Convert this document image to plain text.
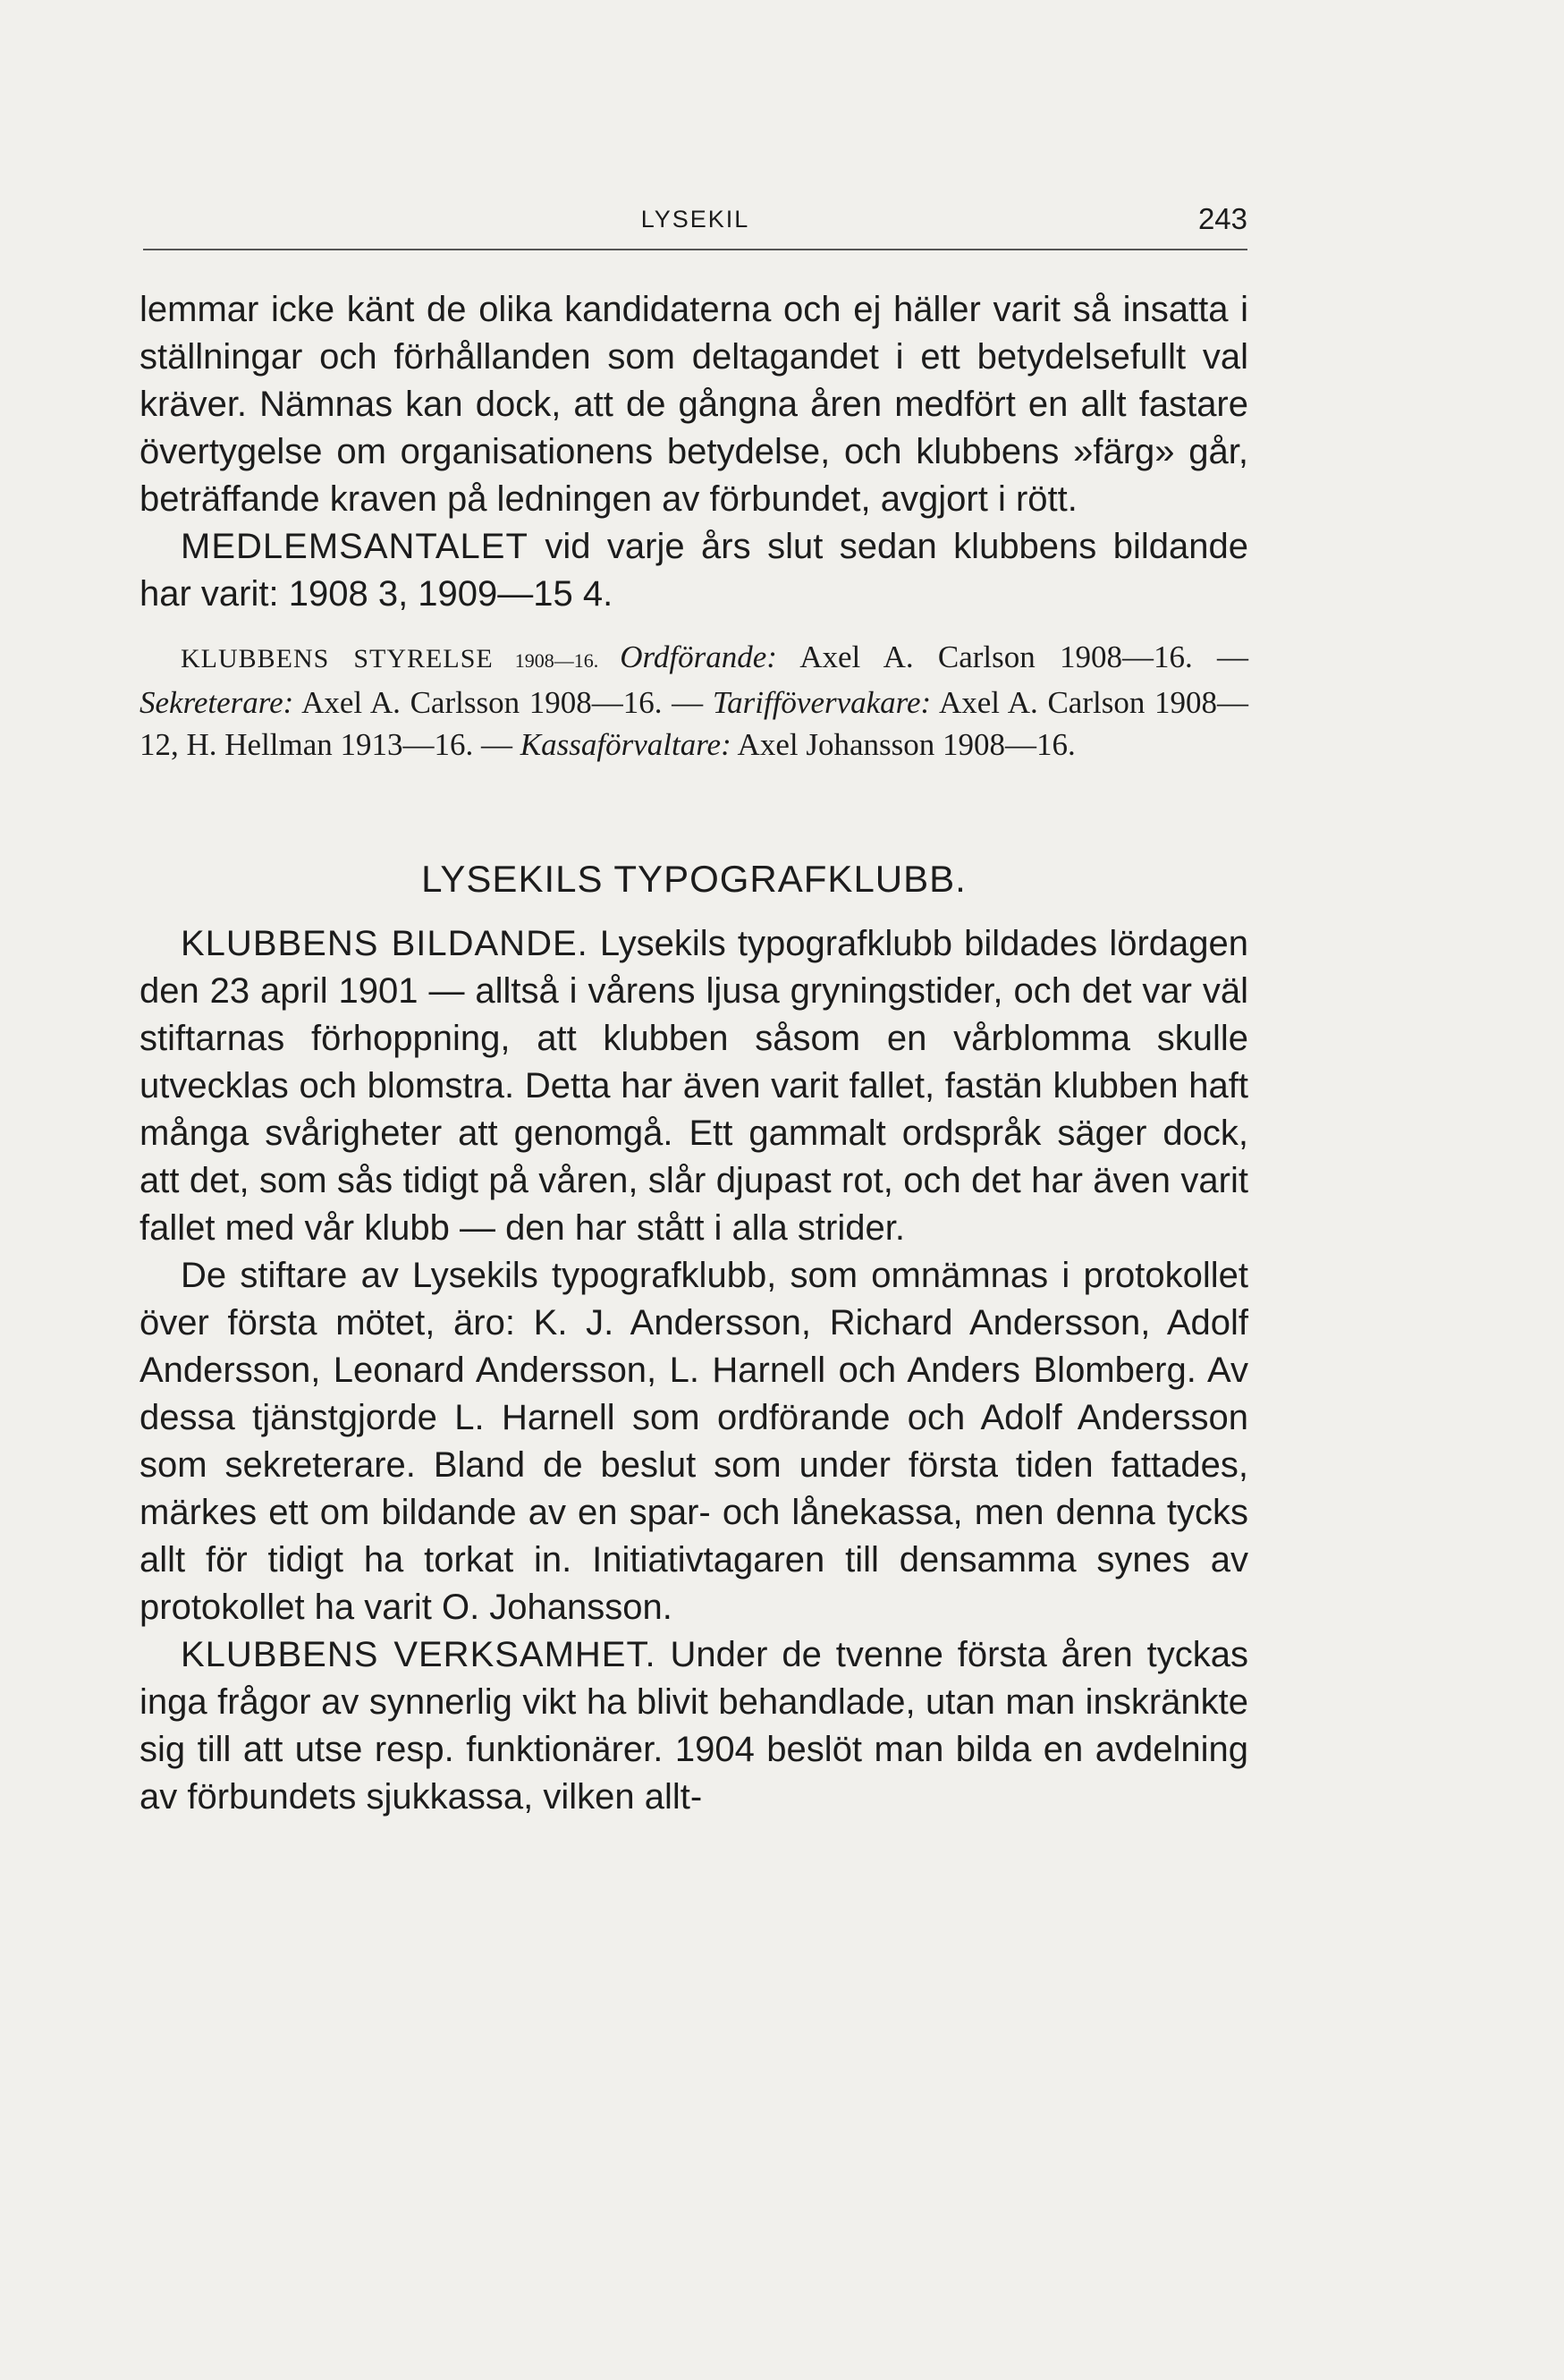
LYSEKIL	243

lemmar icke känt de olika kandidaterna och ej häller varit så insatta i ställningar och förhållanden som deltagandet i ett betydelsefullt val kräver. Nämnas kan dock, att de gångna åren medfört en allt fastare övertygelse om organisationens betydelse, och klubbens »färg» går, beträffande kraven på ledningen av förbundet, avgjort i rött.

MEDLEMSANTALET vid varje års slut sedan klubbens bildande har varit: 1908 3, 1909—15 4.

KLUBBENS STYRELSE 1908—16. Ordförande: Axel A. Carlson 1908—16. — Sekreterare: Axel A. Carlsson 1908—16. — Tariffövervakare: Axel A. Carlson 1908—12, H. Hellman 1913—16. — Kassaförvaltare: Axel Johansson 1908—16.

LYSEKILS TYPOGRAFKLUBB.

KLUBBENS BILDANDE. Lysekils typografklubb bildades lördagen den 23 april 1901 — alltså i vårens ljusa gryningstider, och det var väl stiftarnas förhoppning, att klubben såsom en vårblomma skulle utvecklas och blomstra. Detta har även varit fallet, fastän klubben haft många svårigheter att genomgå. Ett gammalt ordspråk säger dock, att det, som sås tidigt på våren, slår djupast rot, och det har även varit fallet med vår klubb — den har stått i alla strider.

De stiftare av Lysekils typografklubb, som omnämnas i protokollet över första mötet, äro: K. J. Andersson, Richard Andersson, Adolf Andersson, Leonard Andersson, L. Harnell och Anders Blomberg. Av dessa tjänstgjorde L. Harnell som ordförande och Adolf Andersson som sekreterare. Bland de beslut som under första tiden fattades, märkes ett om bildande av en spar- och lånekassa, men denna tycks allt för tidigt ha torkat in. Initiativtagaren till densamma synes av protokollet ha varit O. Johansson.

KLUBBENS VERKSAMHET. Under de tvenne första åren tyckas inga frågor av synnerlig vikt ha blivit behandlade, utan man inskränkte sig till att utse resp. funktionärer. 1904 beslöt man bilda en avdelning av förbundets sjukkassa, vilken allt-
